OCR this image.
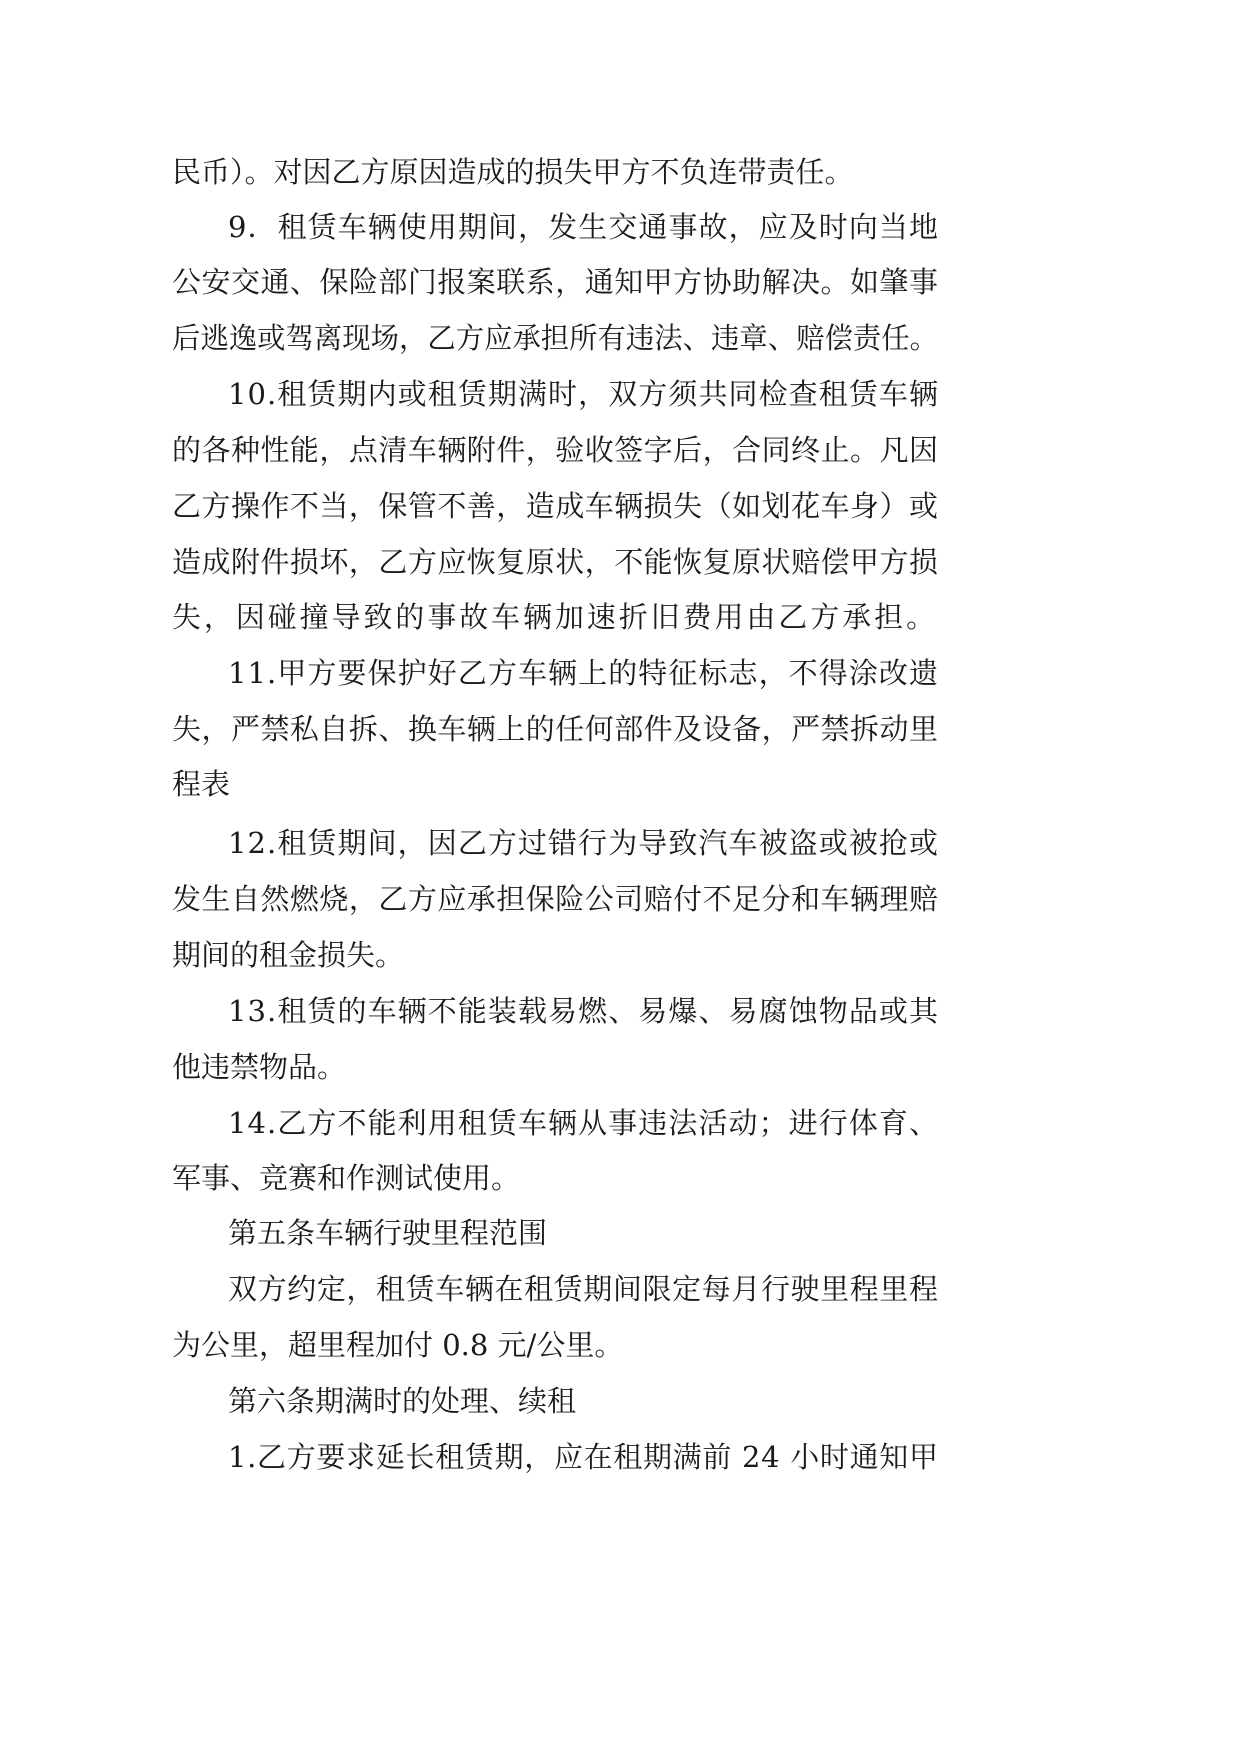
民币）。对因乙方原因造成的损失甲方不负连带责任。
9．租赁车辆使用期间，发生交通事故，应及时向当地
公安交通、保险部门报案联系，通知甲方协助解决。如肇事
后逃逸或驾离现场，乙方应承担所有违法、违章、赔偿责任。
10.租赁期内或租赁期满时，双方须共同检查租赁车辆
的各种性能，点清车辆附件，验收签字后，合同终止。凡因
乙方操作不当，保管不善，造成车辆损失（如划花车身）或
造成附件损坏，乙方应恢复原状，不能恢复原状赔偿甲方损
失，因碰撞导致的事故车辆加速折旧费用由乙方承担。
11.甲方要保护好乙方车辆上的特征标志，不得涂改遗
失，严禁私自拆、换车辆上的任何部件及设备，严禁拆动里
程表
12.租赁期间，因乙方过错行为导致汽车被盗或被抢或
发生自然燃烧，乙方应承担保险公司赔付不足分和车辆理赔
期间的租金损失。
13.租赁的车辆不能装载易燃、易爆、易腐蚀物品或其
他违禁物品。
14.乙方不能利用租赁车辆从事违法活动；进行体育、
军事、竞赛和作测试使用。
第五条车辆行驶里程范围
双方约定，租赁车辆在租赁期间限定每月行驶里程里程
为公里，超里程加付 0.8 元/公里。
第六条期满时的处理、续租
1.乙方要求延长租赁期，应在租期满前 24 小时通知甲
